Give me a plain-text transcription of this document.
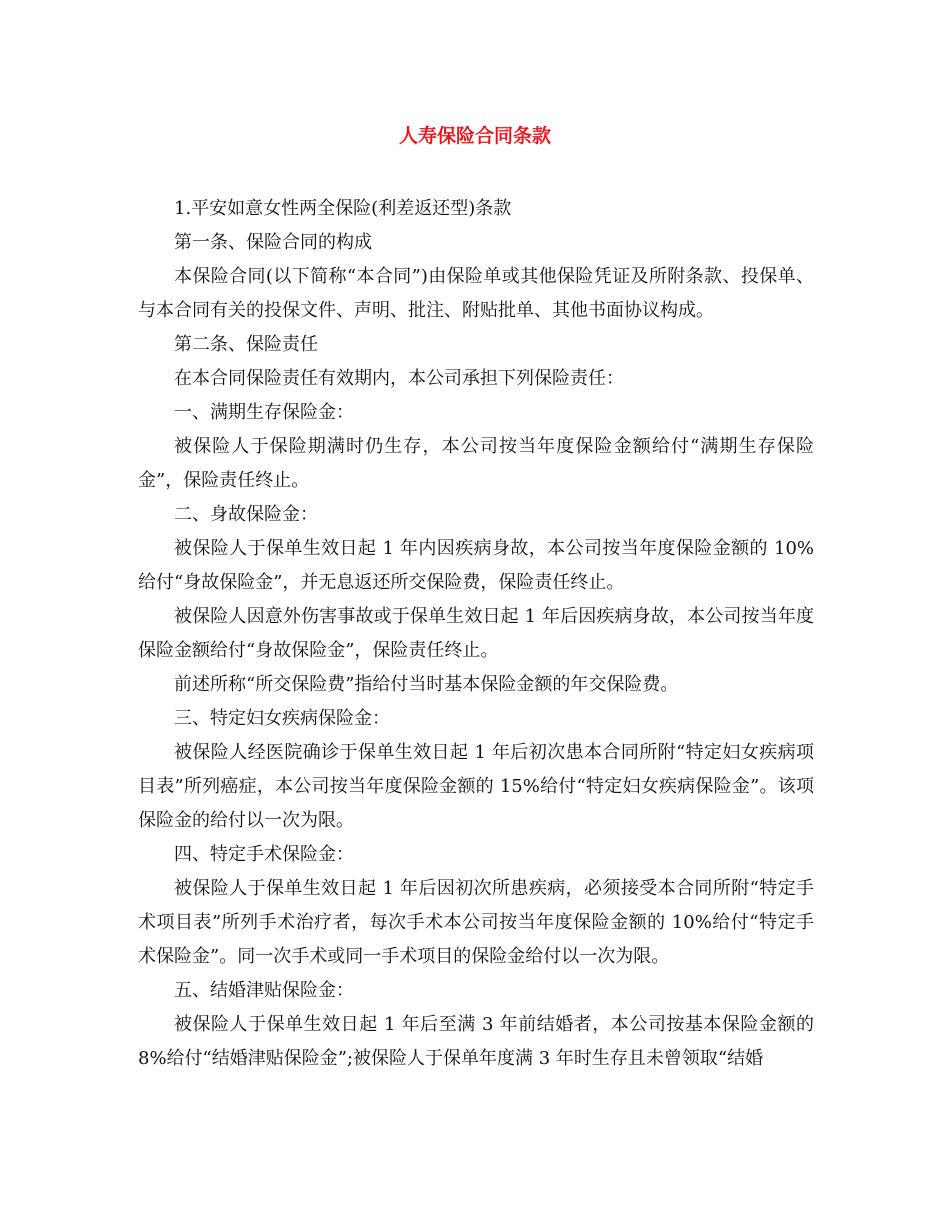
人寿保险合同条款

1.平安如意女性两全保险(利差返还型)条款

第一条、保险合同的构成

本保险合同(以下简称“本合同”)由保险单或其他保险凭证及所附条款、投保单、与本合同有关的投保文件、声明、批注、附贴批单、其他书面协议构成。

第二条、保险责任

在本合同保险责任有效期内，本公司承担下列保险责任：

一、满期生存保险金：

被保险人于保险期满时仍生存，本公司按当年度保险金额给付“满期生存保险金”，保险责任终止。

二、身故保险金：

被保险人于保单生效日起 1 年内因疾病身故，本公司按当年度保险金额的 10%给付“身故保险金”，并无息返还所交保险费，保险责任终止。

被保险人因意外伤害事故或于保单生效日起 1 年后因疾病身故，本公司按当年度保险金额给付“身故保险金”，保险责任终止。

前述所称“所交保险费”指给付当时基本保险金额的年交保险费。

三、特定妇女疾病保险金：

被保险人经医院确诊于保单生效日起 1 年后初次患本合同所附“特定妇女疾病项目表”所列癌症，本公司按当年度保险金额的 15%给付“特定妇女疾病保险金”。该项保险金的给付以一次为限。

四、特定手术保险金：

被保险人于保单生效日起 1 年后因初次所患疾病，必须接受本合同所附“特定手术项目表”所列手术治疗者，每次手术本公司按当年度保险金额的 10%给付“特定手术保险金”。同一次手术或同一手术项目的保险金给付以一次为限。

五、结婚津贴保险金：

被保险人于保单生效日起 1 年后至满 3 年前结婚者，本公司按基本保险金额的 8%给付“结婚津贴保险金”;被保险人于保单年度满 3 年时生存且未曾领取“结婚
